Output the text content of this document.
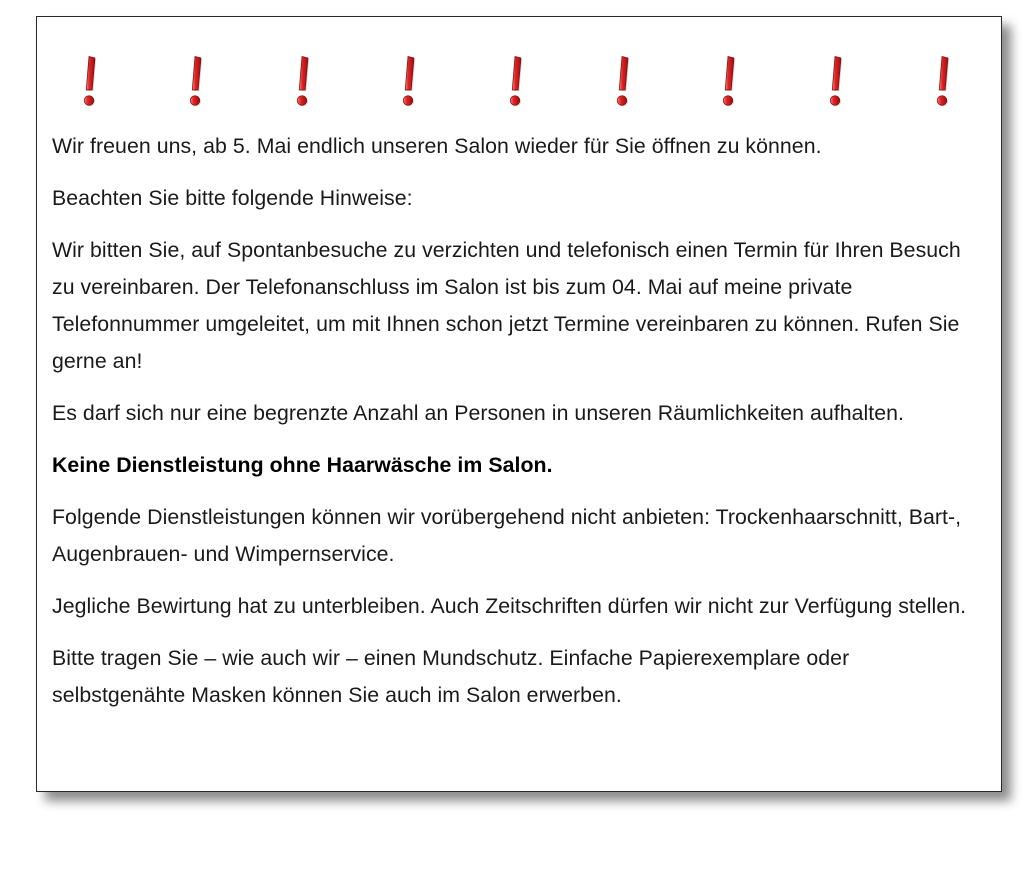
Wir freuen uns, ab 5. Mai endlich unseren Salon wieder für Sie öffnen zu können.

Beachten Sie bitte folgende Hinweise:

Wir bitten Sie, auf Spontanbesuche zu verzichten und telefonisch einen Termin für Ihren Besuch zu vereinbaren. Der Telefonanschluss im Salon ist bis zum 04. Mai auf meine private Telefonnummer umgeleitet, um mit Ihnen schon jetzt Termine vereinbaren zu können. Rufen Sie gerne an!

Es darf sich nur eine begrenzte Anzahl an Personen in unseren Räumlichkeiten aufhalten.

Keine Dienstleistung ohne Haarwäsche im Salon.

Folgende Dienstleistungen können wir vorübergehend nicht anbieten: Trockenhaarschnitt, Bart-, Augenbrauen- und Wimpernservice.

Jegliche Bewirtung hat zu unterbleiben. Auch Zeitschriften dürfen wir nicht zur Verfügung stellen.

Bitte tragen Sie – wie auch wir – einen Mundschutz. Einfache Papierexemplare oder selbstgenähte Masken können Sie auch im Salon erwerben.
